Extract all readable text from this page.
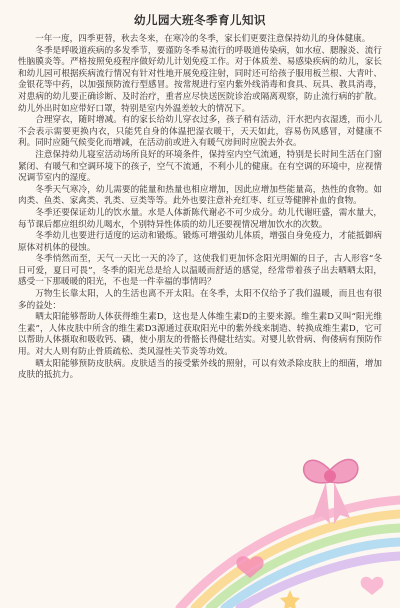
幼儿园大班冬季育儿知识

一年一度，四季更替，秋去冬来，在寒冷的冬季，家长们更要注意保持幼儿的身体健康。

冬季是呼吸道疾病的多发季节，要谨防冬季易流行的呼吸道传染病，如水痘、腮腺炎、流行性脑膜炎等。严格按照免疫程序做好幼儿计划免疫工作。对于体质差、易感染疾病的幼儿，家长和幼儿园可根据疾病流行情况有针对性地开展免疫注射，同时还可给孩子服用板兰根、大青叶、金银花等中药，以加强预防流行型感冒。按常规进行室内紫外线消毒和食具、玩具、教具消毒，对患病的幼儿要正确诊断、及时治疗，重者应尽快送医院诊治或隔离观察，防止流行病的扩散。幼儿外出时如应带好口罩，特别是室内外温差较大的情况下。

合理穿衣，随时增减。有的家长给幼儿穿衣过多，孩子稍有活动，汗水把内衣湿透，而小儿不会表示需要更换内衣，只能凭自身的体温把湿衣暖干，天天如此，容易伤风感冒，对健康不利。同时应随气候变化而增减，在活动前或进入有暖气房间时应脱去外衣。

注意保持幼儿寝室活动场所良好的环境条件，保持室内空气流通，特别是长时间生活在门窗紧闭、有暖气和空调环境下的孩子，空气不流通，不利小儿的健康。在有空调的环境中，应视情况调节室内的湿度。

冬季天气寒冷，幼儿需要的能量和热量也相应增加，因此应增加些能量高，热性的食物。如肉类、鱼类、家禽类、乳类、豆类等等。此外也要注意补充红枣、红豆等健脾补血的食物。

冬季还要保证幼儿的饮水量。水是人体新陈代谢必不可少成分。幼儿代谢旺盛，需水量大，每节课后都应组织幼儿喝水，个别特异性体质的幼儿还要视情况增加饮水的次数。

冬季幼儿也要进行适度的运动和锻炼。锻炼可增强幼儿体质，增强自身免疫力，才能抵御病原体对机体的侵蚀。

冬季悄然而至，天气一天比一天的冷了，这使我们更加怀念阳光明媚的日子，古人形容“冬日可爱，夏日可畏”，冬季的阳光总是给人以温暖而舒适的感觉，经常带着孩子出去晒晒太阳，感受一下那暖暖的阳光，不也是一件幸福的事情吗？

万物生长靠太阳，人的生活也离不开太阳。在冬季，太阳不仅给予了我们温暖，而且也有很多的益处：

晒太阳能够帮助人体获得维生素D，这也是人体维生素D的主要来源。维生素D又叫“阳光维生素”，人体皮肤中所含的维生素D3源通过获取阳光中的紫外线来制造、转换成维生素D，它可以帮助人体摄取和吸收钙、磷，使小朋友的骨骼长得健壮结实。对婴儿软骨病、佝偻病有预防作用。对大人则有防止骨质疏松、类风湿性关节炎等功效。

晒太阳能够预防皮肤病。皮肤适当的接受紫外线的照射，可以有效杀除皮肤上的细菌，增加皮肤的抵抗力。
